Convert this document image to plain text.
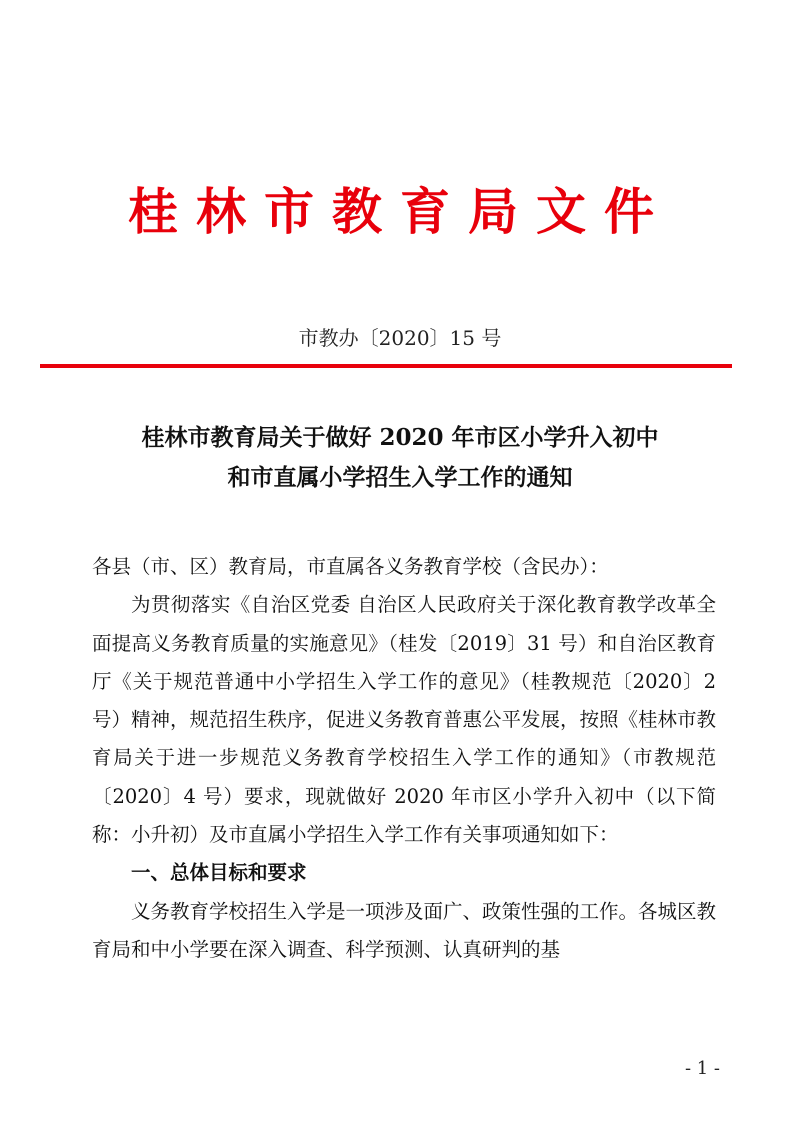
桂林市教育局文件
市教办〔2020〕15 号
桂林市教育局关于做好 2020 年市区小学升入初中
和市直属小学招生入学工作的通知

各县（市、区）教育局，市直属各义务教育学校（含民办）：

为贯彻落实《自治区党委 自治区人民政府关于深化教育教学改革全面提高义务教育质量的实施意见》（桂发〔2019〕31 号）和自治区教育厅《关于规范普通中小学招生入学工作的意见》（桂教规范〔2020〕2 号）精神，规范招生秩序，促进义务教育普惠公平发展，按照《桂林市教育局关于进一步规范义务教育学校招生入学工作的通知》（市教规范〔2020〕4 号）要求，现就做好 2020 年市区小学升入初中（以下简称：小升初）及市直属小学招生入学工作有关事项通知如下：

一、总体目标和要求

义务教育学校招生入学是一项涉及面广、政策性强的工作。各城区教育局和中小学要在深入调查、科学预测、认真研判的基

- 1 -
